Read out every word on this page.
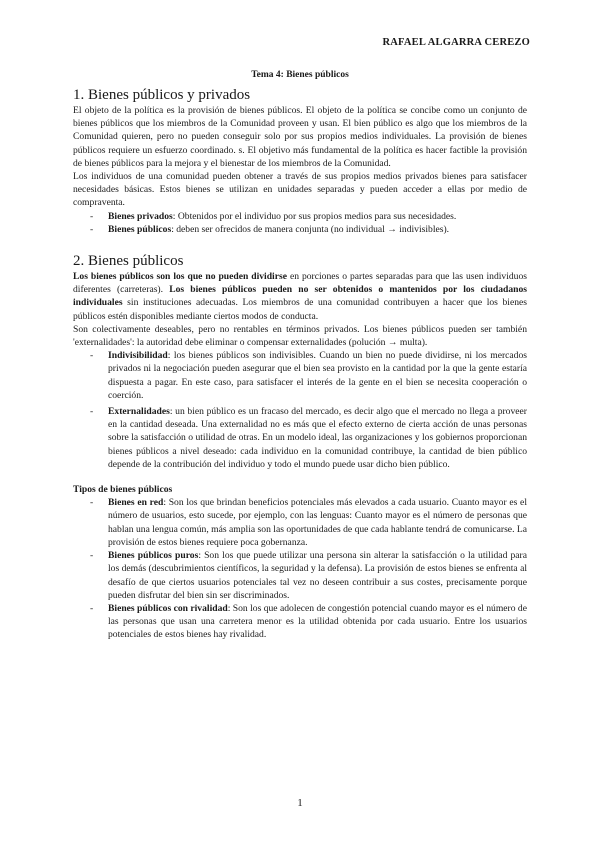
RAFAEL ALGARRA CEREZO
Tema 4: Bienes públicos
1. Bienes públicos y privados

El objeto de la política es la provisión de bienes públicos. El objeto de la política se concibe como un conjunto de bienes públicos que los miembros de la Comunidad proveen y usan. El bien público es algo que los miembros de la Comunidad quieren, pero no pueden conseguir solo por sus propios medios individuales. La provisión de bienes públicos requiere un esfuerzo coordinado. s. El objetivo más fundamental de la política es hacer factible la provisión de bienes públicos para la mejora y el bienestar de los miembros de la Comunidad.

Los individuos de una comunidad pueden obtener a través de sus propios medios privados bienes para satisfacer necesidades básicas. Estos bienes se utilizan en unidades separadas y pueden acceder a ellas por medio de compraventa.

- Bienes privados: Obtenidos por el individuo por sus propios medios para sus necesidades.
- Bienes públicos: deben ser ofrecidos de manera conjunta (no individual → indivisibles).
2. Bienes públicos

Los bienes públicos son los que no pueden dividirse en porciones o partes separadas para que las usen individuos diferentes (carreteras). Los bienes públicos pueden no ser obtenidos o mantenidos por los ciudadanos individuales sin instituciones adecuadas. Los miembros de una comunidad contribuyen a hacer que los bienes públicos estén disponibles mediante ciertos modos de conducta.

Son colectivamente deseables, pero no rentables en términos privados. Los bienes públicos pueden ser también 'externalidades': la autoridad debe eliminar o compensar externalidades (polución → multa).

- Indivisibilidad: los bienes públicos son indivisibles. Cuando un bien no puede dividirse, ni los mercados privados ni la negociación pueden asegurar que el bien sea provisto en la cantidad por la que la gente estaría dispuesta a pagar. En este caso, para satisfacer el interés de la gente en el bien se necesita cooperación o coerción.
- Externalidades: un bien público es un fracaso del mercado, es decir algo que el mercado no llega a proveer en la cantidad deseada. Una externalidad no es más que el efecto externo de cierta acción de unas personas sobre la satisfacción o utilidad de otras. En un modelo ideal, las organizaciones y los gobiernos proporcionan bienes públicos a nivel deseado: cada individuo en la comunidad contribuye, la cantidad de bien público depende de la contribución del individuo y todo el mundo puede usar dicho bien público.

Tipos de bienes públicos

- Bienes en red: Son los que brindan beneficios potenciales más elevados a cada usuario. Cuanto mayor es el número de usuarios, esto sucede, por ejemplo, con las lenguas: Cuanto mayor es el número de personas que hablan una lengua común, más amplia son las oportunidades de que cada hablante tendrá de comunicarse. La provisión de estos bienes requiere poca gobernanza.
- Bienes públicos puros: Son los que puede utilizar una persona sin alterar la satisfacción o la utilidad para los demás (descubrimientos científicos, la seguridad y la defensa). La provisión de estos bienes se enfrenta al desafío de que ciertos usuarios potenciales tal vez no deseen contribuir a sus costes, precisamente porque pueden disfrutar del bien sin ser discriminados.
- Bienes públicos con rivalidad: Son los que adolecen de congestión potencial cuando mayor es el número de las personas que usan una carretera menor es la utilidad obtenida por cada usuario. Entre los usuarios potenciales de estos bienes hay rivalidad.
1
